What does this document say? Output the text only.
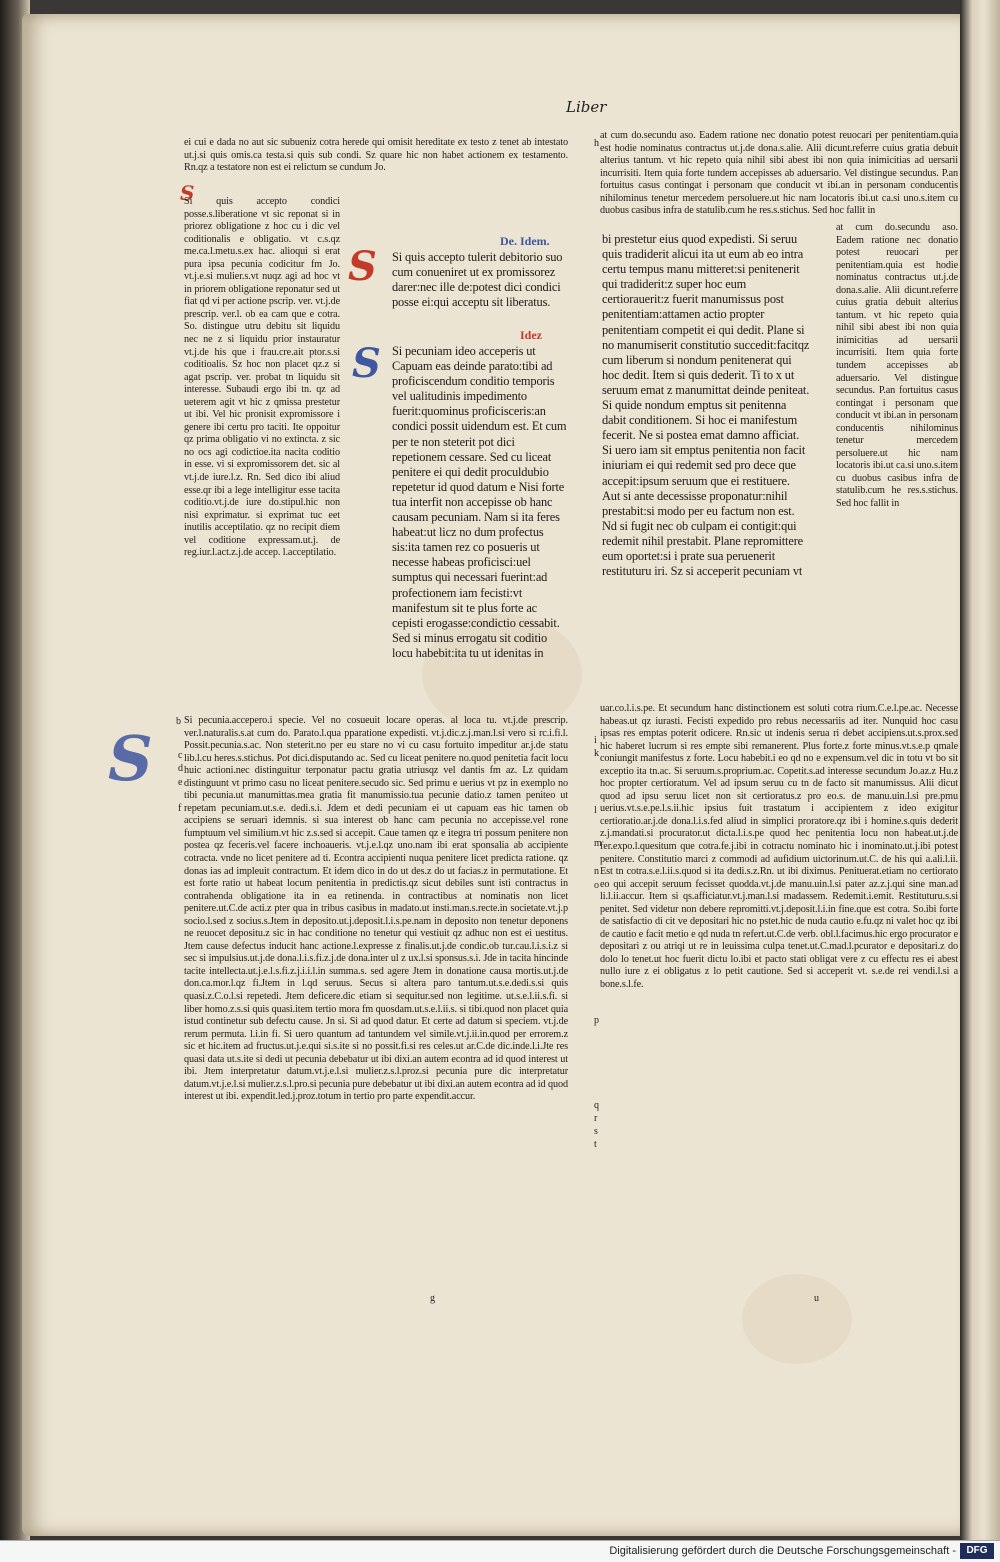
Liber

ei cui e dada no aut sic subueniz cotra herede qui omisit hereditate ex testo z tenet ab intestato ut.j.si quis omis.ca testa.si quis sub condi. Sz quare hic non habet actionem ex testamento. Rn.qz a testatore non est ei relictum se cundum Jo.

S

Si quis accepto condici posse.s.liberatione vt sic reponat si in priorez obligatione z hoc cu i dic vel coditionalis e obligatio. vt c.s.qz me.ca.l.metu.s.ex hac. alioqui si erat pura ipsa pecunia codicitur fm Jo. vt.j.e.si mulier.s.vt nuqz agi ad hoc vt in priorem obligatione reponatur sed ut fiat qd vi per actione pscrip. ver. vt.j.de prescrip. ver.l. ob ea cam que e cotra. So. distingue utru debitu sit liquidu nec ne z si liquidu prior instauratur vt.j.de his que i frau.cre.ait ptor.s.si coditioalis. Sz hoc non placet qz.z si agat pscrip. ver. probat tn liquidu sit interesse. Subaudi ergo ibi tn. qz ad ueterem agit vt hic z qmissa prestetur ut ibi. Vel hic pronisit expromissore i genere ibi certu pro taciti. Ite oppoitur qz prima obligatio vi no extincta. z sic no ocs agi codictioe.ita nacita coditio in esse. vi si expromissorem det. sic al vt.j.de iure.l.z. Rn. Sed dico ibi aliud esse.qr ibi a lege intelligitur esse tacita coditio.vt.j.de iure do.stipul.hic non nisi exprimatur. si exprimat tuc eet inutilis acceptilatio. qz no recipit diem vel coditione expressam.ut.j. de reg.iur.l.act.z.j.de accep. l.acceptilatio.

S
De. Idem.

Si quis accepto tulerit debitorio suo cum conueniret ut ex promissorez darer:nec ille de:potest dici condici posse ei:qui acceptu sit liberatus.

Idez
S Si pecuniam ideo acceperis ut Capuam eas deinde parato:tibi ad proficiscendum conditio temporis vel ualitudinis impedimento fuerit:quominus proficisceris:an condici possit uidendum est. Et cum per te non steterit pot dici repetionem cessare. Sed cu liceat penitere ei qui dedit proculdubio repetetur id quod datum e Nisi forte tua interfit non accepisse ob hanc causam pecuniam. Nam si ita feres habeat:ut licz no dum profectus sis:ita tamen rez co posueris ut necesse habeas proficisci:uel sumptus qui necessari fuerint:ad profectionem iam fecisti:vt manifestum sit te plus forte ac cepisti erogasse:condictio cessabit. Sed si minus errogatu sit coditio locu habebit:ita tu ut idenitas in

bi prestetur eius quod expedisti. Si seruu quis tradiderit alicui ita ut eum ab eo intra certu tempus manu mitteret:si penitenerit qui tradiderit:z super hoc eum certiorauerit:z fuerit manumissus post penitentiam:attamen actio propter penitentiam competit ei qui dedit. Plane si no manumiserit constitutio succedit:facitqz cum liberum si nondum penitenerat qui hoc dedit. Item si quis dederit. Ti to x ut seruum emat z manumittat deinde peniteat. Si quide nondum emptus sit penitenna dabit conditionem. Si hoc ei manifestum fecerit. Ne si postea emat damno afficiat. Si uero iam sit emptus penitentia non facit iniuriam ei qui redemit sed pro dece que accepit:ipsum seruum que ei restituere. Aut si ante decessisse proponatur:nihil prestabit:si modo per eu factum non est. Nd si fugit nec ob culpam ei contigit:qui redemit nihil prestabit. Plane repromittere eum oportet:si i prate sua peruenerit restituturu iri. Sz si acceperit pecuniam vt

at cum do.secundu aso. Eadem ratione nec donatio potest reuocari per penitentiam.quia est hodie nominatus contractus ut.j.de dona.s.alie. Alii dicunt.referre cuius gratia debuit alterius tantum. vt hic repeto quia nihil sibi abest ibi non quia inimicitias ad uersarii incurrisiti. Item quia forte tundem accepisses ab aduersario. Vel distingue secundus. P.an fortuitus casus contingat i personam que conducit vt ibi.an in personam conducentis nihilominus tenetur mercedem persoluere.ut hic nam locatoris ibi.ut ca.si uno.s.item cu duobus casibus infra de statulib.cum he res.s.stichus. Sed hoc fallit in

at cum do.secundu aso. Eadem ratione nec donatio potest reuocari per penitentiam.quia est hodie nominatus contractus ut.j.de dona.s.alie. Alii dicunt.referre cuius gratia debuit alterius tantum. vt hic repeto quia nihil sibi abest ibi non quia inimicitias ad uersarii incurrisiti. Item quia forte tundem accepisses ab aduersario. Vel distingue secundus. P.an fortuitus casus contingat i personam que conducit vt ibi.an in personam conducentis nihilominus tenetur mercedem persoluere.ut hic nam locatoris ibi.ut ca.si uno.s.item cu duobus casibus infra de statulib.cum he res.s.stichus. Sed hoc fallit in

Si pecunia.accepero.i specie. Vel no cosueuit locare operas. al loca tu. vt.j.de prescrip. ver.l.naturalis.s.at cum do. Parato.l.qua pparatione expedisti. vt.j.dic.z.j.man.l.si vero si rc.i.fi.l. Possit.pecunia.s.ac. Non steterit.no per eu stare no vi cu casu fortuito impeditur ar.j.de statu lib.l.cu heres.s.stichus. Pot dici.disputando ac. Sed cu liceat penitere no.quod penitetia facit locu huic actioni.nec distinguitur terponatur pactu gratia utriusqz vel dantis fm az. Lz quidam distinguunt vt primo casu no liceat penitere.secudo sic. Sed primu e uerius vt pz in exemplo no tibi pecunia.ut manumittas.mea gratia fit manumissio.tua pecunie datio.z tamen peniteo ut repetam pecuniam.ut.s.e. dedi.s.i. Jdem et dedi pecuniam ei ut capuam eas hic tamen ob accipiens se seruari idemnis. si sua interest ob hanc cam pecunia no accepisse.vel rone fumptuum vel similium.vt hic z.s.sed si accepit. Caue tamen qz e itegra tri possum penitere non postea qz feceris.vel facere inchoaueris. vt.j.e.l.qz uno.nam ibi erat sponsalia ab accipiente cotracta. vnde no licet penitere ad ti. Econtra accipienti nuqua penitere licet predicta ratione. qz donas ias ad impleuit contractum. Et idem dico in do ut des.z do ut facias.z in permutatione. Et est forte ratio ut habeat locum penitentia in predictis.qz sicut debiles sunt isti contractus in contrahenda obligatione ita in ea retinenda. in contractibus at nominatis non licet penitere.ut.C.de acti.z pter qua in tribus casibus in madato.ut insti.man.s.recte.in societate.vt.j.p socio.l.sed z socius.s.Jtem in deposito.ut.j.deposit.l.i.s.pe.nam in deposito non tenetur deponens ne reuocet depositu.z sic in hac conditione no tenetur qui vestiuit qz adhuc non est ei uestitus. Jtem cause defectus inducit hanc actione.l.expresse z finalis.ut.j.de condic.ob tur.cau.l.i.s.i.z si sec si impulsius.ut.j.de dona.l.i.s.fi.z.j.de dona.inter ul z ux.l.si sponsus.s.i. Jde in tacita hincinde tacite intellecta.ut.j.e.l.s.fi.z.j.i.i.l.in summa.s. sed agere Jtem in donatione causa mortis.ut.j.de don.ca.mor.l.qz fi.Jtem in l.qd seruus. Secus si altera paro tantum.ut.s.e.dedi.s.si quis quasi.z.C.o.l.si repetedi. Jtem deficere.dic etiam si sequitur.sed non legitime. ut.s.e.l.ii.s.fi. si liber homo.z.s.si quis quasi.item tertio mora fm quosdam.ut.s.e.l.ii.s. si tibi.quod non placet quia istud continetur sub defectu cause. Jn si. Si ad quod datur. Et certe ad datum si speciem. vt.j.de rerum permuta. l.i.in fi. Si uero quantum ad tantundem vel simile.vt.j.ii.in.quod per errorem.z sic et hic.item ad fructus.ut.j.e.qui si.s.ite si no possit.fi.si res celes.ut ar.C.de dic.inde.l.i.Jte res quasi data ut.s.ite si dedi ut pecunia debebatur ut ibi dixi.an autem econtra ad id quod interest ut ibi. Jtem interpretatur datum.vt.j.e.l.si mulier.z.s.l.proz.si pecunia pure dic interpretatur datum.vt.j.e.l.si mulier.z.s.l.pro.si pecunia pure debebatur ut ibi dixi.an autem econtra ad id quod interest ut ibi. expendit.led.j.proz.totum in tertio pro parte expendit.accur.

S

uar.co.l.i.s.pe. Et secundum hanc distinctionem est soluti cotra rium.C.e.l.pe.ac. Necesse habeas.ut qz iurasti. Fecisti expedido pro rebus necessariis ad iter. Nunquid hoc casu ipsas res emptas poterit odicere. Rn.sic ut indenis serua ri debet accipiens.ut.s.prox.sed hic haberet lucrum si res empte sibi remanerent. Plus forte.z forte minus.vt.s.e.p qmale coniungit manifestus z forte. Locu habebit.i eo qd no e expensum.vel dic in totu vt bo sit exceptio ita tn.ac. Si seruum.s.proprium.ac. Copetit.s.ad interesse secundum Jo.az.z Hu.z hoc propter certioratum. Vel ad ipsum seruu cu tn de facto sit manumissus. Alii dicut quod ad ipsu seruu licet non sit certioratus.z pro eo.s. de manu.uin.l.si pre.pmu uerius.vt.s.e.pe.l.s.ii.hic ipsius fuit trastatum i accipientem z ideo exigitur certioratio.ar.j.de dona.l.i.s.fed aliud in simplici proratore.qz ibi i homine.s.quis dederit z.j.mandati.si procurator.ut dicta.l.i.s.pe quod hec penitentia locu non habeat.ut.j.de fer.expo.l.quesitum que cotra.fe.j.ibi in cotractu nominato hic i inominato.ut.j.ibi potest penitere. Constitutio marci z commodi ad aufidium uictorinum.ut.C. de his qui a.ali.l.ii. Est tn cotra.s.e.l.ii.s.quod si ita dedi.s.z.Rn. ut ibi diximus. Penituerat.etiam no certiorato eo qui accepit seruum fecisset quodda.vt.j.de manu.uin.l.si pater az.z.j.qui sine man.ad li.l.ii.accur. Item si qs.afficiatur.vt.j.man.l.si madassem. Redemit.i.emit. Restituturu.s.si penitet. Sed videtur non debere repromitti.vt.j.deposit.l.i.in fine.que est cotra. So.ibi forte de satisfactio di cit ve depositari hic no pstet.hic de nuda cautio e.fu.qz ni valet hoc qz ibi de cautio e facit metio e qd nuda tn refert.ut.C.de verb. obl.l.facimus.hic ergo procurator e depositari z ou atriqi ut re in leuissima culpa tenet.ut.C.mad.l.pcurator e depositari.z do dolo lo tenet.ut hoc fuerit dictu lo.ibi et pacto stati obligat vere z cu effectu res ei abest nullo iure z ei obligatus z lo petit cautione. Sed si acceperit vt. s.e.de rei vendi.l.si a bone.s.l.fe.

b
c
d
e
f
g
h
i
k
l
m
n
o
p
q
r
s
t
u
Digitalisierung gefördert durch die Deutsche Forschungsgemeinschaft -	DFG
